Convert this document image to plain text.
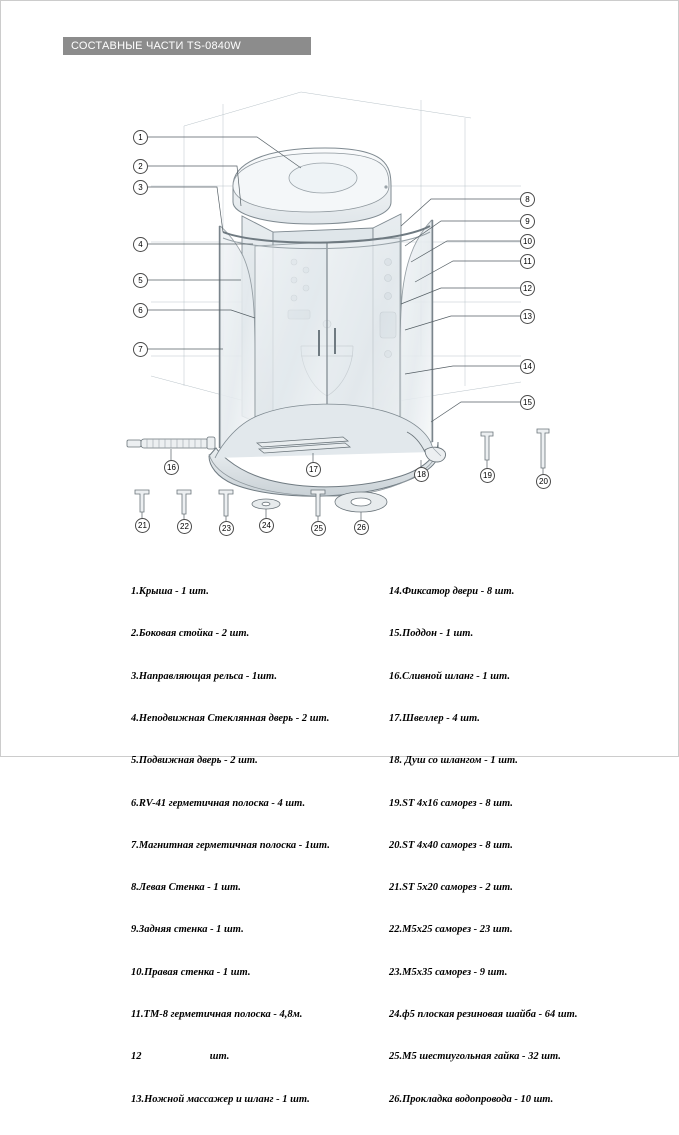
СОСТАВНЫЕ ЧАСТИ TS-0840W
1
2
3
4
5
6
7
8
9
10
11
12
13
14
15
16	17
18	19
20
21	22	23	24	25	26

1.Крыша - 1 шт.

2.Боковая стойка - 2 шт.

3.Направляющая рельса - 1шт.

4.Неподвижная Стеклянная дверь - 2 шт.

5.Подвижная дверь - 2 шт.

6.RV-41 герметичная полоска - 4 шт.

7.Магнитная герметичная полоска - 1шт.

8.Левая Стенка - 1 шт.

9.Задняя стенка - 1 шт.

10.Правая стенка - 1 шт.

11.ТМ-8 герметичная полоска - 4,8м.

12                          шт.

13.Ножной массажер и шланг - 1 шт.

14.Фиксатор двери - 8 шт.

15.Поддон - 1 шт.

16.Сливной шланг - 1 шт.

17.Швеллер - 4 шт.

18. Душ со шлангом - 1 шт.

19.ST 4x16 саморез - 8 шт.

20.ST 4x40 саморез - 8 шт.

21.ST 5x20 саморез - 2 шт.

22.M5x25 саморез - 23 шт.

23.M5x35 саморез - 9 шт.

24.ф5 плоская резиновая шайба - 64 шт.

25.M5 шестиугольная гайка - 32 шт.

26.Прокладка водопровода - 10 шт.
